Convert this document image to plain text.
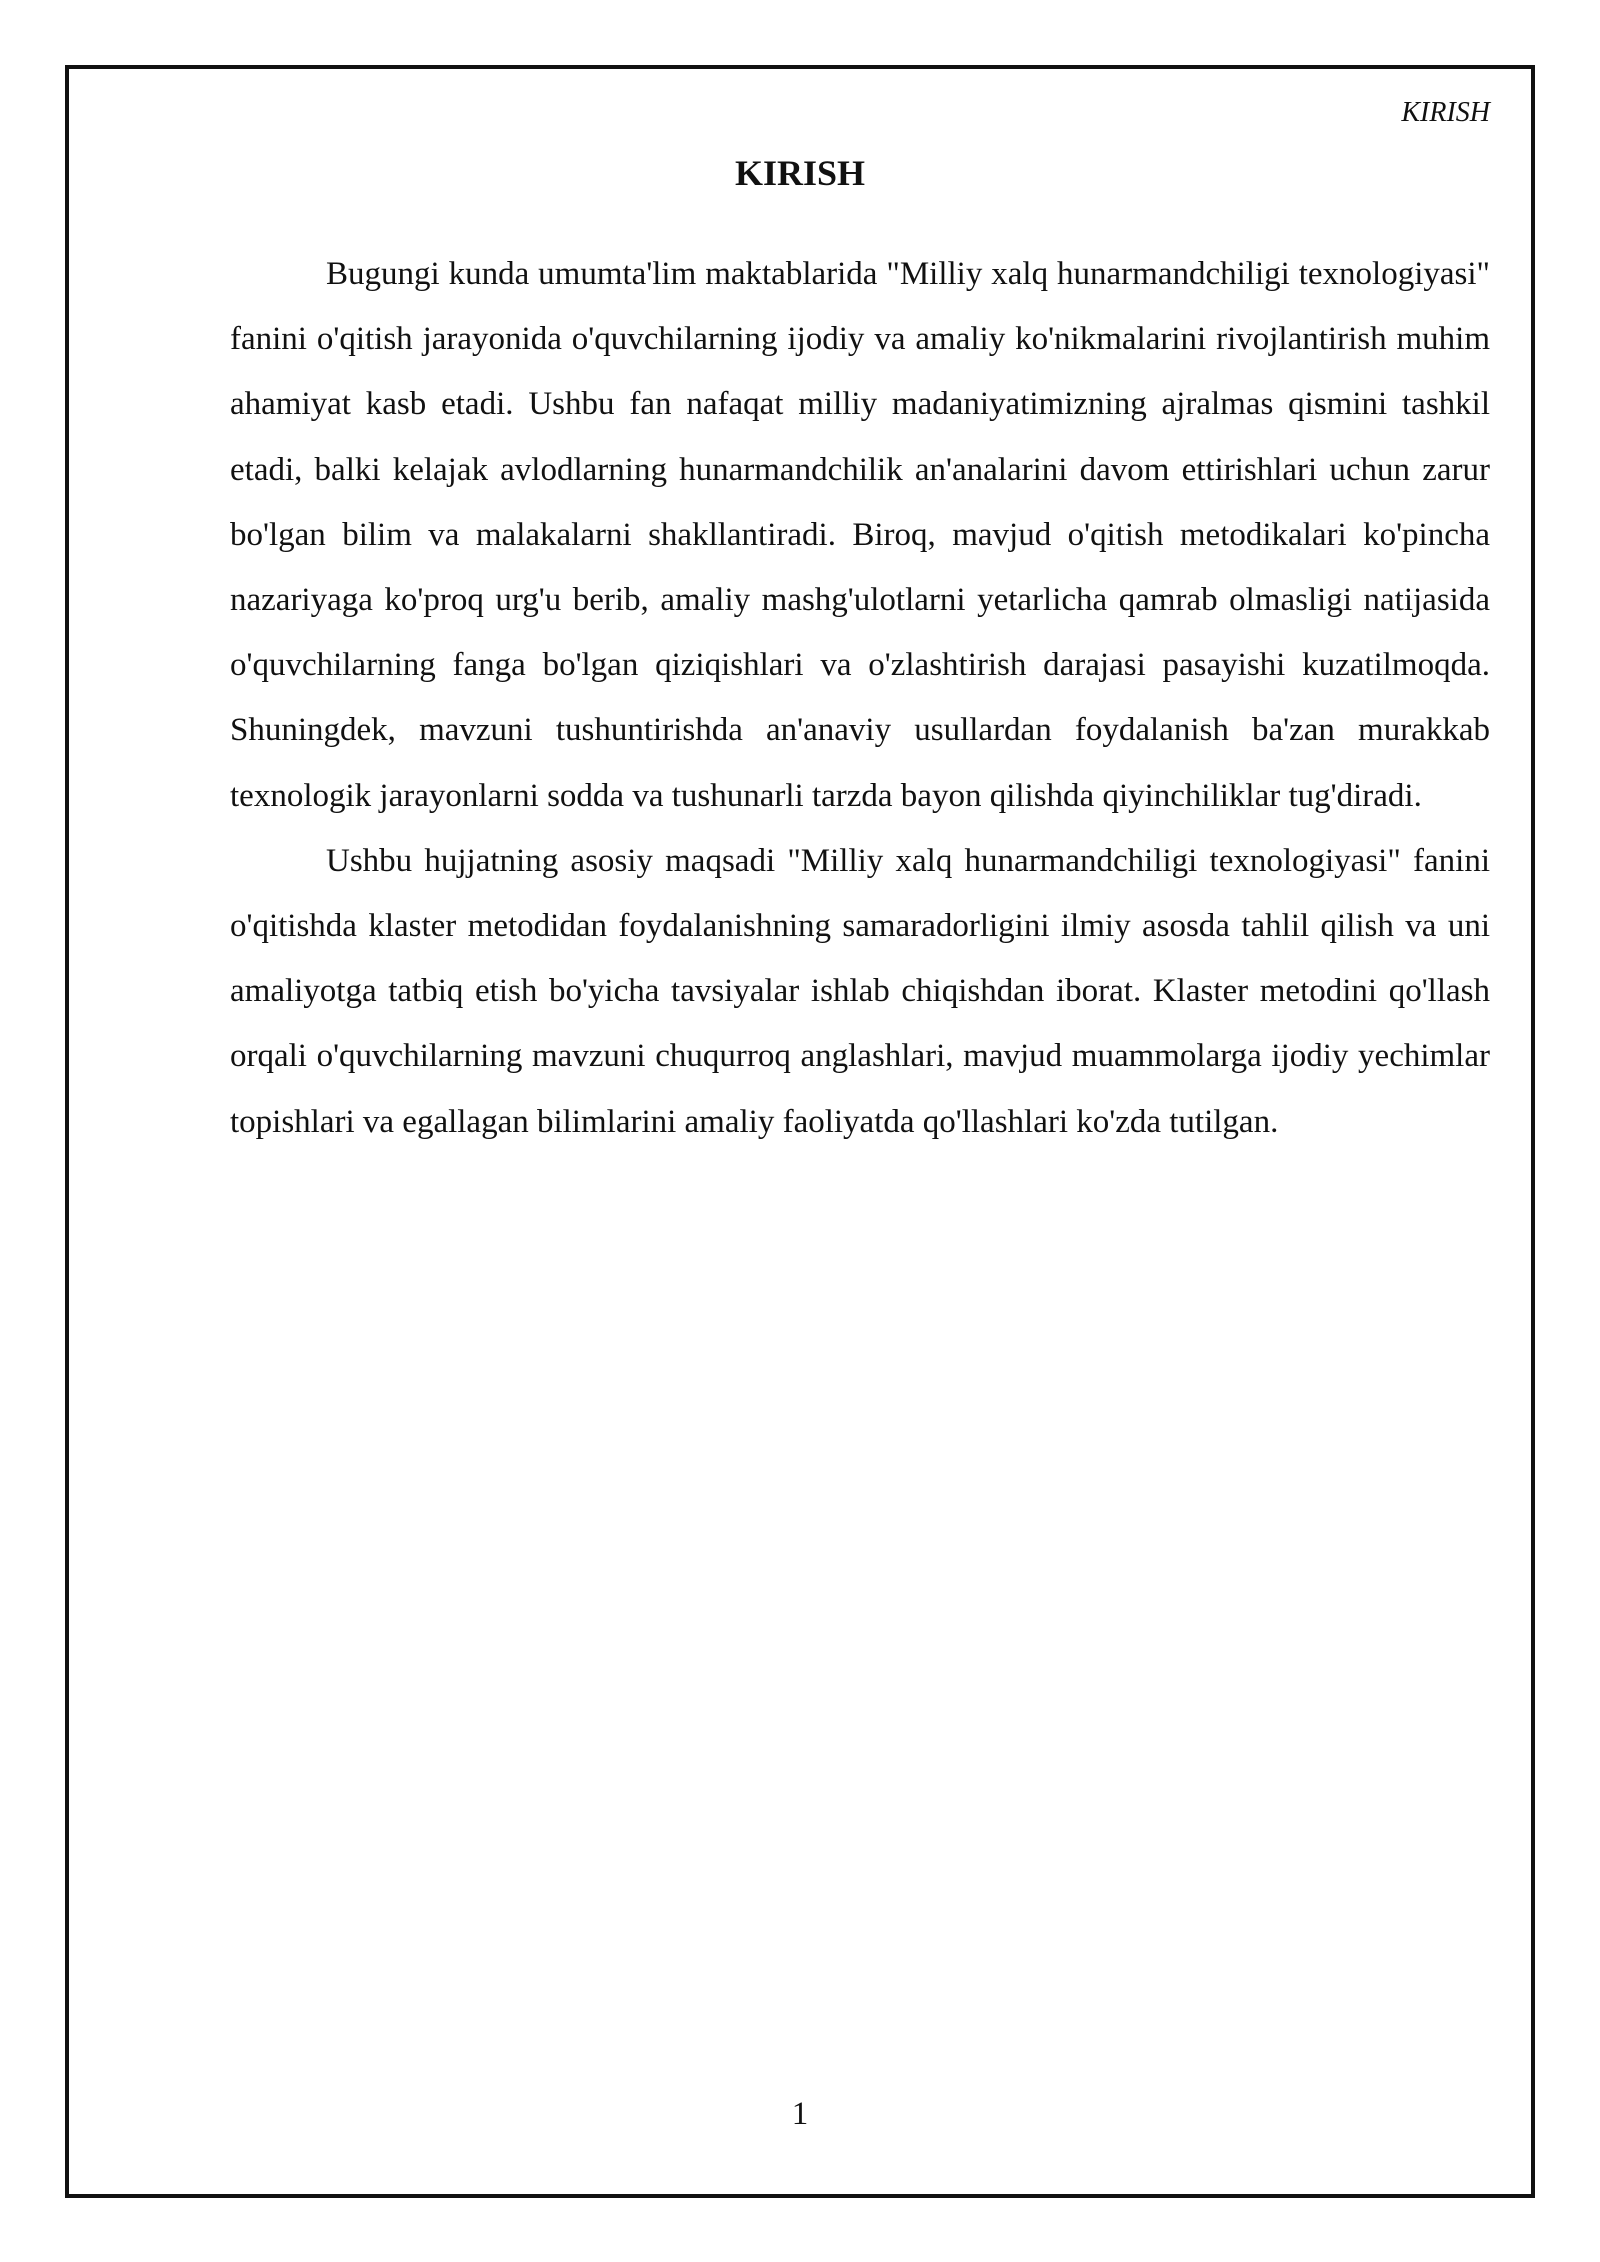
KIRISH

KIRISH

Bugungi kunda umumta'lim maktablarida "Milliy xalq hunarmandchiligi texnologiyasi" fanini o'qitish jarayonida o'quvchilarning ijodiy va amaliy ko'nikmalarini rivojlantirish muhim ahamiyat kasb etadi. Ushbu fan nafaqat milliy madaniyatimizning ajralmas qismini tashkil etadi, balki kelajak avlodlarning hunarmandchilik an'analarini davom ettirishlari uchun zarur bo'lgan bilim va malakalarni shakllantiradi. Biroq, mavjud o'qitish metodikalari ko'pincha nazariyaga ko'proq urg'u berib, amaliy mashg'ulotlarni yetarlicha qamrab olmasligi natijasida o'quvchilarning fanga bo'lgan qiziqishlari va o'zlashtirish darajasi pasayishi kuzatilmoqda. Shuningdek, mavzuni tushuntirishda an'anaviy usullardan foydalanish ba'zan murakkab texnologik jarayonlarni sodda va tushunarli tarzda bayon qilishda qiyinchiliklar tug'diradi.

Ushbu hujjatning asosiy maqsadi "Milliy xalq hunarmandchiligi texnologiyasi" fanini o'qitishda klaster metodidan foydalanishning samaradorligini ilmiy asosda tahlil qilish va uni amaliyotga tatbiq etish bo'yicha tavsiyalar ishlab chiqishdan iborat. Klaster metodini qo'llash orqali o'quvchilarning mavzuni chuqurroq anglashlari, mavjud muammolarga ijodiy yechimlar topishlari va egallagan bilimlarini amaliy faoliyatda qo'llashlari ko'zda tutilgan.

1
